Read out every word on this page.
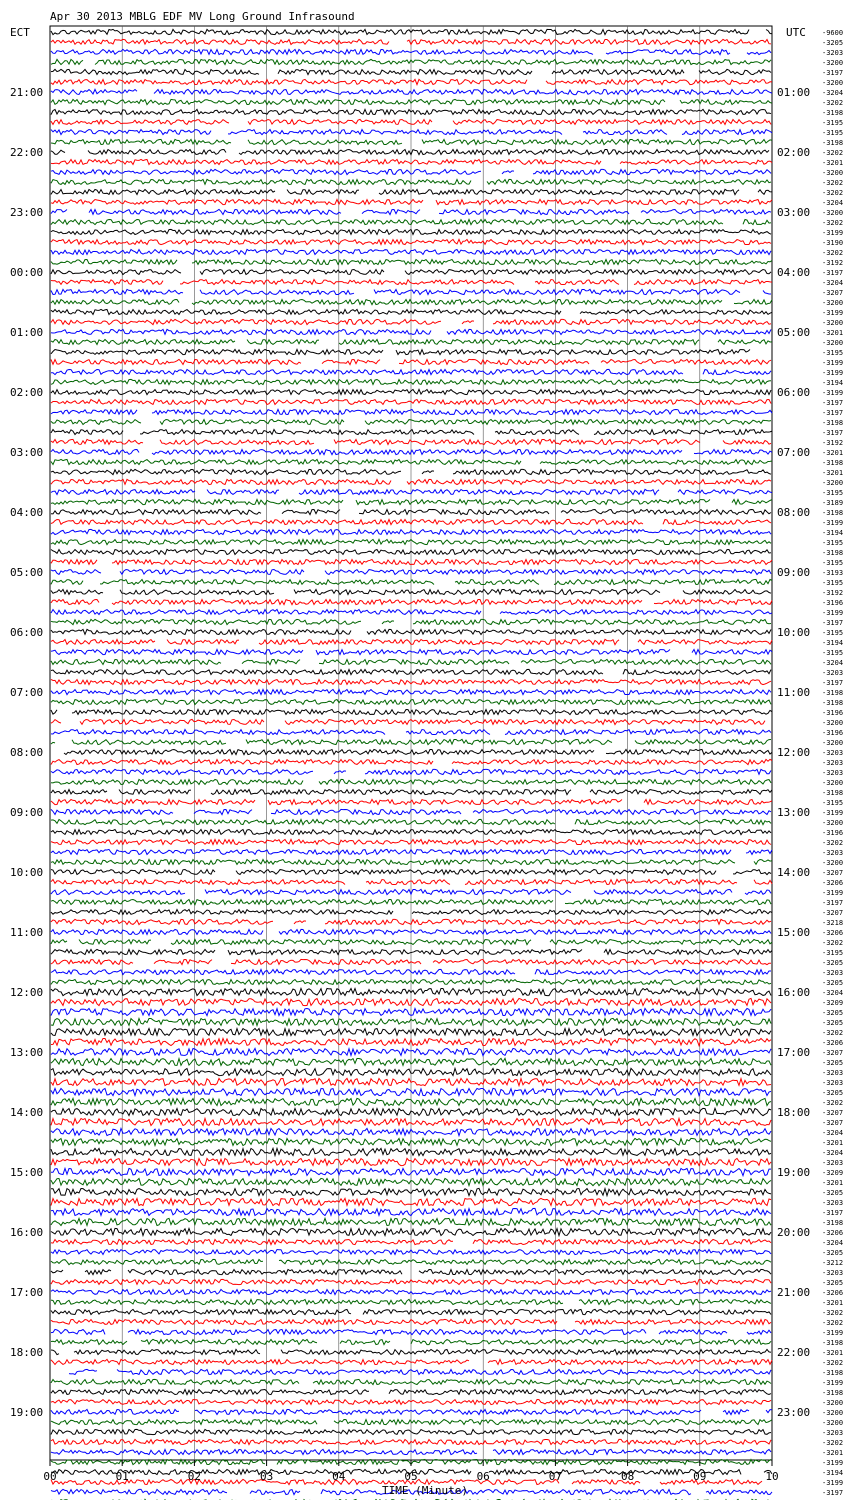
Apr 30 2013 MBLG EDF MV Long Ground Infrasound
ECT	UTC
21:00
22:00
23:00
00:00
01:00
02:00
03:00
04:00
05:00
06:00
07:00
08:00
09:00
10:00
11:00
12:00
13:00
14:00
15:00
16:00
17:00
18:00
19:00
01:00
02:00
03:00
04:00
05:00
06:00
07:00
08:00
09:00
10:00
11:00
12:00
13:00
14:00
15:00
16:00
17:00
18:00
19:00
20:00
21:00
22:00
23:00
-9600
-3205
-3203
-3200
-3197
-3200
-3204
-3202
-3198
-3195
-3195
-3198
-3202
-3201
-3200
-3202
-3202
-3204
-3200
-3202
-3199
-3190
-3202
-3192
-3197
-3204
-3207
-3200
-3199
-3200
-3201
-3200
-3195
-3199
-3199
-3194
-3199
-3197
-3197
-3198
-3197
-3192
-3201
-3198
-3201
-3200
-3195
-3189
-3198
-3199
-3194
-3195
-3198
-3195
-3193
-3195
-3192
-3196
-3199
-3197
-3195
-3194
-3195
-3204
-3203
-3197
-3198
-3198
-3196
-3200
-3196
-3200
-3203
-3203
-3203
-3200
-3198
-3195
-3199
-3200
-3196
-3202
-3203
-3200
-3207
-3206
-3199
-3197
-3207
-3218
-3206
-3202
-3195
-3205
-3203
-3205
-3204
-3209
-3205
-3205
-3202
-3206
-3207
-3205
-3203
-3203
-3205
-3202
-3207
-3207
-3204
-3201
-3204
-3203
-3209
-3201
-3205
-3203
-3197
-3198
-3206
-3204
-3205
-3212
-3203
-3205
-3206
-3201
-3202
-3202
-3199
-3198
-3201
-3202
-3198
-3199
-3198
-3200
-3200
-3200
-3203
-3202
-3201
-3199
-3194
-3199
-3197
00	01	02	03	04	05	06	07	08	09	10
TIME (Minute)
